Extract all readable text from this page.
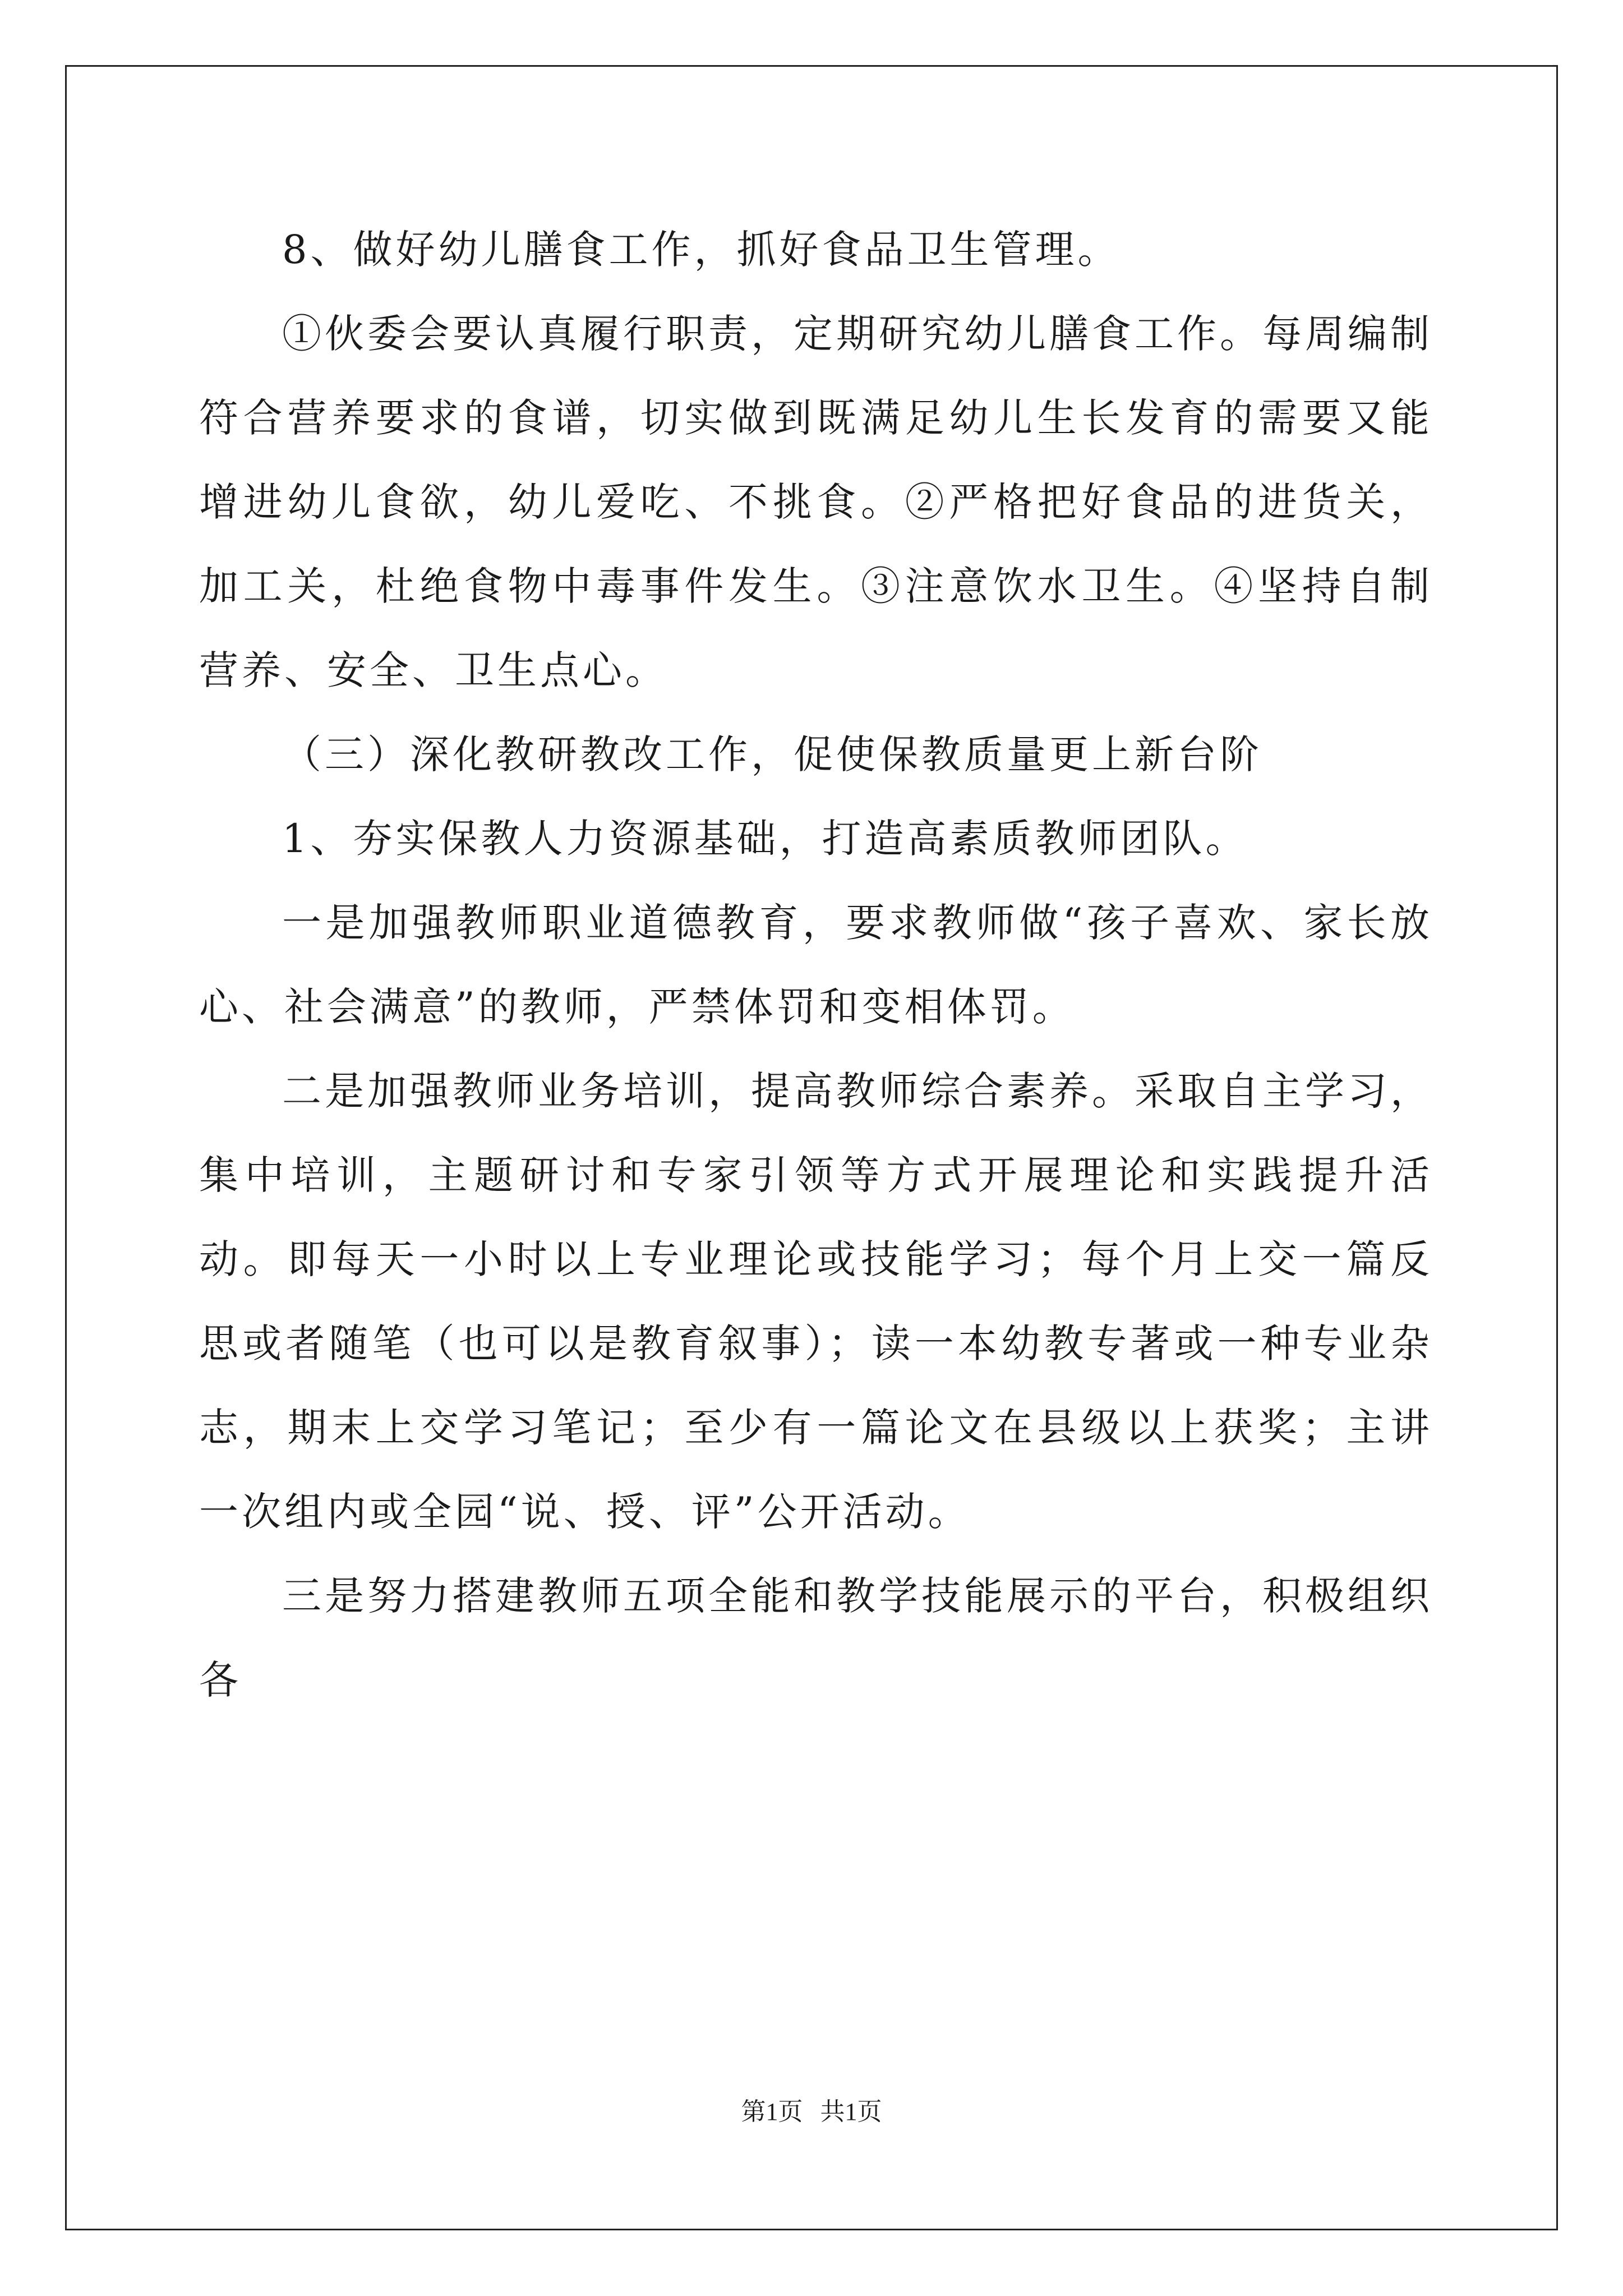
8、做好幼儿膳食工作，抓好食品卫生管理。

①伙委会要认真履行职责，定期研究幼儿膳食工作。每周编制符合营养要求的食谱，切实做到既满足幼儿生长发育的需要又能增进幼儿食欲，幼儿爱吃、不挑食。②严格把好食品的进货关，加工关，杜绝食物中毒事件发生。③注意饮水卫生。④坚持自制营养、安全、卫生点心。

（三）深化教研教改工作，促使保教质量更上新台阶

1、夯实保教人力资源基础，打造高素质教师团队。

一是加强教师职业道德教育，要求教师做“孩子喜欢、家长放心、社会满意”的教师，严禁体罚和变相体罚。

二是加强教师业务培训，提高教师综合素养。采取自主学习，集中培训，主题研讨和专家引领等方式开展理论和实践提升活动。即每天一小时以上专业理论或技能学习；每个月上交一篇反思或者随笔（也可以是教育叙事）；读一本幼教专著或一种专业杂志，期末上交学习笔记；至少有一篇论文在县级以上获奖；主讲一次组内或全园“说、授、评”公开活动。

三是努力搭建教师五项全能和教学技能展示的平台，积极组织各

第1页 共1页
